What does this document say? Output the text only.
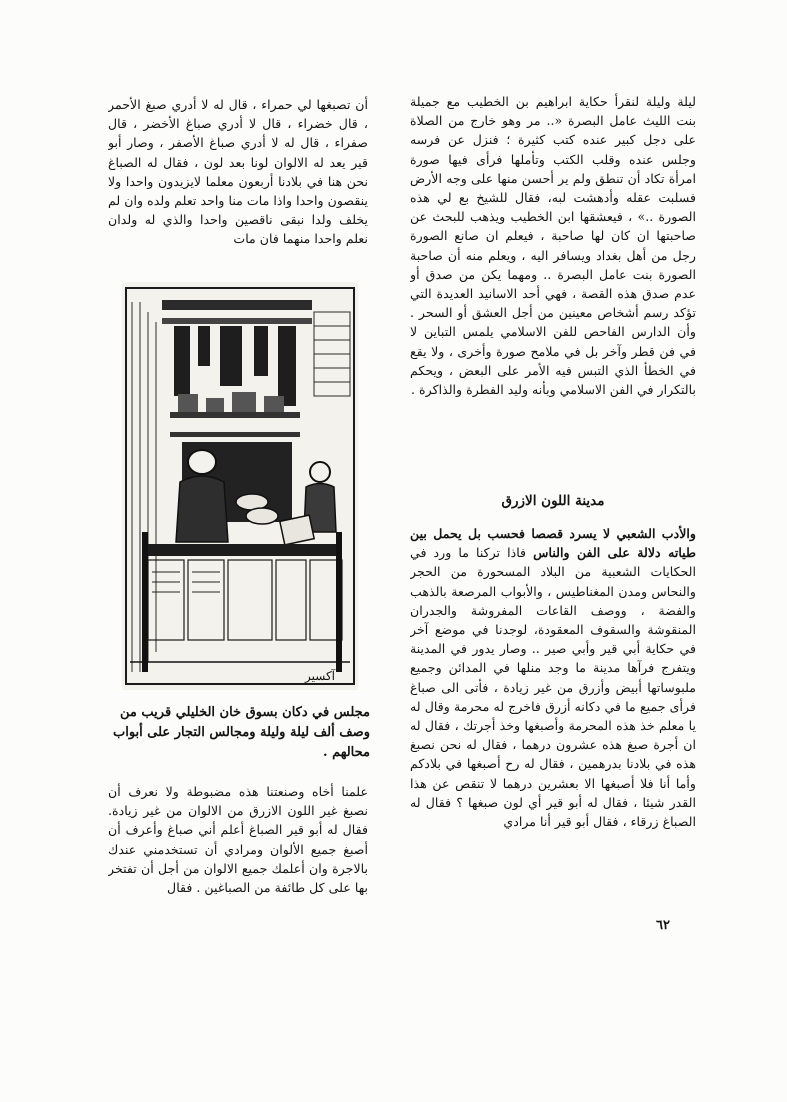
ليلة وليلة لنقرأ حكاية ابراهيم بن الخطيب مع جميلة بنت الليث عامل البصرة «.. مر وهو خارج من الصلاة على دجل كبير عنده كتب كثيرة ؛ فنزل عن فرسه وجلس عنده وقلب الكتب وتأملها فرأى فيها صورة امرأة تكاد أن تنطق ولم ير أحسن منها على وجه الأرض فسلبت عقله وأدهشت لبه، فقال للشيخ بع لي هذه الصورة ..» ، فيعشقها ابن الخطيب ويذهب للبحث عن صاحبتها ان كان لها صاحبة ، فيعلم ان صانع الصورة رجل من أهل بغداد ويسافر اليه ، ويعلم منه أن صاحبة الصورة بنت عامل البصرة .. ومهما يكن من صدق أو عدم صدق هذه القصة ، فهي أحد الاسانيد العديدة التي تؤكد رسم أشخاص معينين من أجل العشق أو السحر . وأن الدارس الفاحص للفن الاسلامي يلمس التباين لا في فن قطر وآخر بل في ملامح صورة وأخرى ، ولا يقع في الخطأ الذي التبس فيه الأمر على البعض ، ويحكم بالتكرار في الفن الاسلامي وبأنه وليد الفطرة والذاكرة .

مدينة اللون الازرق

والأدب الشعبي لا يسرد قصصا فحسب بل يحمل بين طياته دلالة على الفن والناس فاذا تركنا ما ورد في الحكايات الشعبية من البلاد المسحورة من الحجر والنحاس ومدن المغناطيس ، والأبواب المرصعة بالذهب والفضة ، ووصف القاعات المفروشة والجدران المنقوشة والسقوف المعقودة، لوجدنا في موضع آخر في حكاية أبي قير وأبي صير .. وصار يدور في المدينة ويتفرج فرآها مدينة ما وجد منلها في المدائن وجميع ملبوساتها أبيض وأزرق من غير زيادة ، فأتى الى صباغ فرأى جميع ما في دكانه أزرق فاخرج له محرمة وقال له يا معلم خذ هذه المحرمة وأصبغها وخذ أجرتك ، فقال له ان أجرة صبغ هذه عشرون درهما ، فقال له نحن نصبغ هذه في بلادنا بدرهمين ، فقال له رح أصبغها في بلادكم وأما أنا فلا أصبغها الا بعشرين درهما لا تنقص عن هذا القدر شيئا ، فقال له أبو قير أي لون صبغها ؟ فقال له الصباغ زرقاء ، فقال أبو قير أنا مرادي

أن تصبغها لي حمراء ، قال له لا أدري صبغ الأحمر ، قال خضراء ، قال لا أدري صباغ الأخضر ، قال صفراء ، قال له لا أدري صباغ الأصفر ، وصار أبو قير يعد له الالوان لونا بعد لون ، فقال له الصباغ نحن هنا في بلادنا أربعون معلما لايزيدون واحدا ولا ينقصون واحدا واذا مات منا واحد تعلم ولده وان لم يخلف ولدا نبقى ناقصين واحدا والذي له ولدان نعلم واحدا منهما فان مات

آكسير
مجلس في دكان بسوق خان الخليلي قريب من وصف ألف ليلة وليلة ومجالس التجار على أبواب محالهم .

علمنا أخاه وصنعتنا هذه مضبوطة ولا نعرف أن نصبغ غير اللون الازرق من الالوان من غير زيادة. فقال له أبو قير الصباغ أعلم أني صباغ وأعرف أن أصبغ جميع الألوان ومرادي أن تستخدمني عندك بالاجرة وان أعلمك جميع الالوان من أجل أن تفتخر بها على كل طائفة من الصباغين . فقال

٦٢
